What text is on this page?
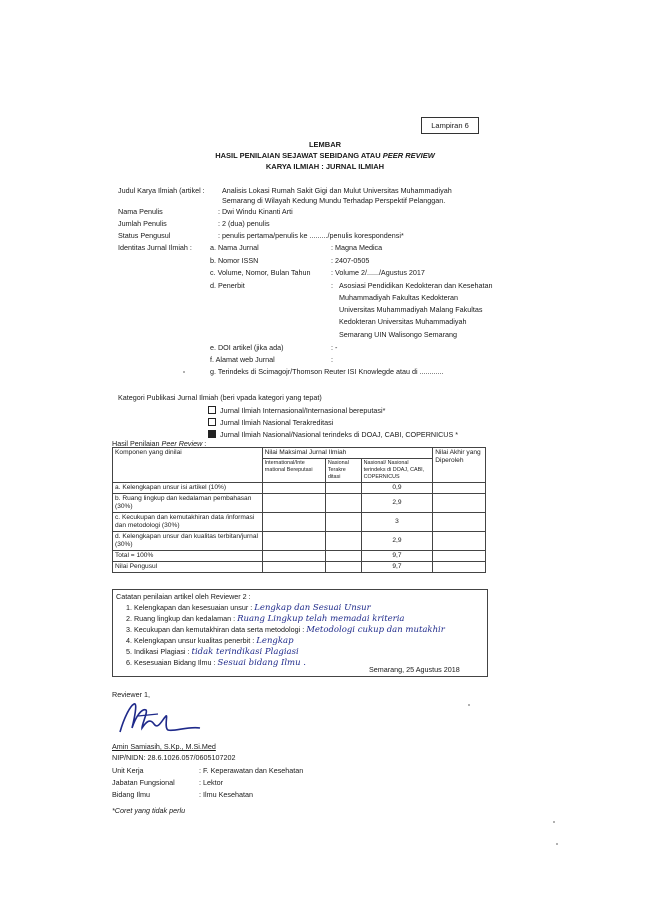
Lampiran 6
LEMBAR
HASIL PENILAIAN SEJAWAT SEBIDANG ATAU PEER REVIEW
KARYA ILMIAH : JURNAL ILMIAH
Judul Karya Ilmiah (artikel : Analisis Lokasi Rumah Sakit Gigi dan Mulut Universitas Muhammadiyah
Semarang di Wilayah Kedung Mundu Terhadap Perspektif Pelanggan.
Nama Penulis	: Dwi Windu Kinanti Arti
Jumlah Penulis	: 2 (dua) penulis
Status Pengusul	: penulis pertama/penulis ke ........./penulis korespondensi*
Identitas Jurnal Ilmiah :	a. Nama Jurnal	: Magna Medica
b. Nomor ISSN	: 2407-0505
c. Volume, Nomor, Bulan Tahun	: Volume 2/....../Agustus 2017
d. Penerbit	: Asosiasi Pendidikan Kedokteran dan Kesehatan
Muhammadiyah Fakultas Kedokteran
Universitas Muhammadiyah Malang Fakultas
Kedokteran Universitas Muhammadiyah
Semarang UIN Walisongo Semarang
e. DOI artikel (jika ada)	: -
f. Alamat web Jurnal	:
g. Terindeks di Scimagojr/Thomson Reuter ISI Knowlegde atau di ............
Kategori Publikasi Jurnal Ilmiah (beri vpada kategori yang tepat)
Jurnal Ilmiah Internasional/Internasional bereputasi*
Jurnal Ilmiah Nasional Terakreditasi
Jurnal Ilmiah Nasional/Nasional terindeks di DOAJ, CABI, COPERNICUS *
Hasil Penilaian Peer Review :
Komponen yang dinilai	Nilai Maksimal Jurnal Ilmiah			Nilai Akhir yang Diperoleh
	International/Inte rnational Bereputasi	Nasional Terakre ditasi	Nasional/ Nasional terindeks di DOAJ, CABI, COPERNICUS	
a. Kelengkapan unsur isi artikel (10%)			0,9	
b. Ruang lingkup dan kedalaman pembahasan (30%)			2,9	
c. Kecukupan dan kemutakhiran data /informasi dan metodologi (30%)			3	
d. Kelengkapan unsur dan kualitas terbitan/jurnal (30%)			2,9	
Total = 100%			9,7	
Nilai Pengusul			9,7	
Catatan penilaian artikel oleh Reviewer 2 :
1. Kelengkapan dan kesesuaian unsur : Lengkap dan Sesuai Unsur
2. Ruang lingkup dan kedalaman : Ruang Lingkup telah memadai kriteria
3. Kecukupan dan kemutakhiran data serta metodologi : Metodologi cukup dan mutakhir
4. Kelengkapan unsur kualitas penerbit : Lengkap
5. Indikasi Plagiasi : tidak terindikasi Plagiasi
6. Kesesuaian Bidang Ilmu : Sesuai bidang Ilmu .
Semarang, 25 Agustus 2018
Reviewer 1,
Amin Samiasih, S.Kp., M.Si.Med
NIP/NIDN: 28.6.1026.057/0605107202
Unit Kerja	: F. Keperawatan dan Kesehatan
Jabatan Fungsional	: Lektor
Bidang Ilmu	: Ilmu Kesehatan
*Coret yang tidak perlu
